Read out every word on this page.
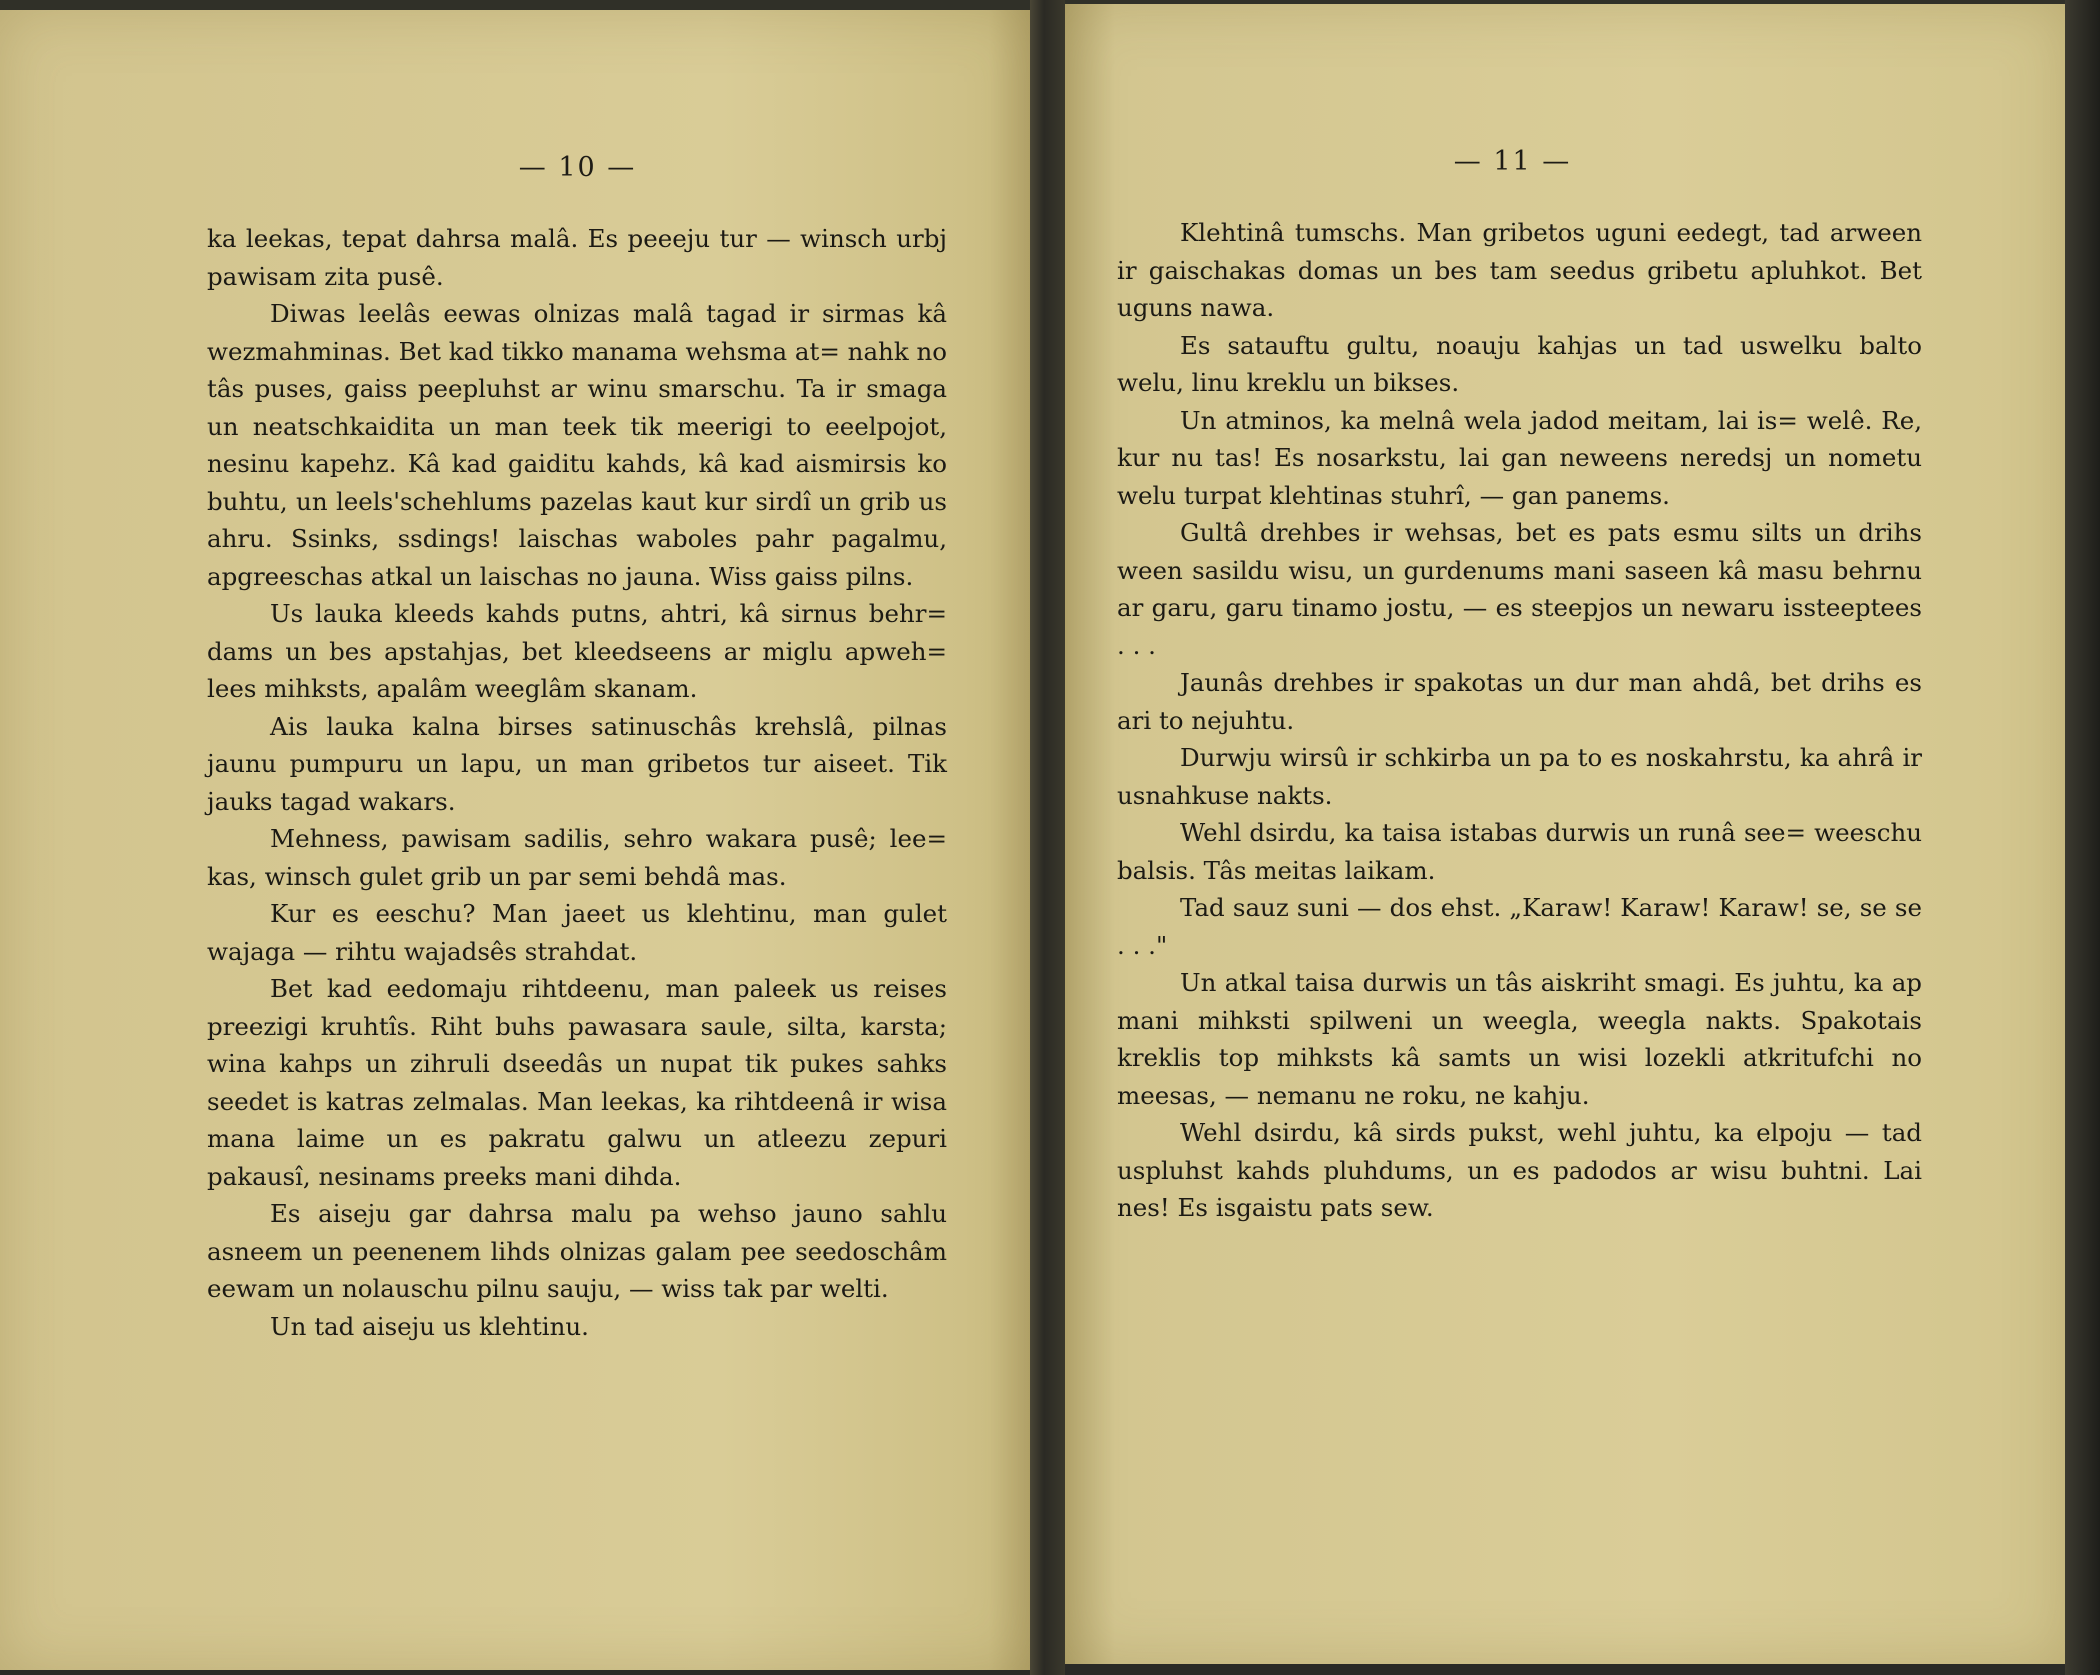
— 10 —

ka leekas, tepat dahrsa malâ. Es peeeju tur — winsch urbj pawisam zita pusê.

Diwas leelâs eewas olnizas malâ tagad ir sirmas kâ wezmahminas. Bet kad tikko manama wehsma at= nahk no tâs puses, gaiss peepluhst ar winu smarschu. Ta ir smaga un neatschkaidita un man teek tik meerigi to eeelpojot, nesinu kapehz. Kâ kad gaiditu kahds, kâ kad aismirsis ko buhtu, un leels'schehlums pazelas kaut kur sirdî un grib us ahru. Ssinks, ssdings! laischas waboles pahr pagalmu, apgreeschas atkal un laischas no jauna. Wiss gaiss pilns.

Us lauka kleeds kahds putns, ahtri, kâ sirnus behr= dams un bes apstahjas, bet kleedseens ar miglu apweh= lees mihksts, apalâm weeglâm skanam.

Ais lauka kalna birses satinuschâs krehslâ, pilnas jaunu pumpuru un lapu, un man gribetos tur aiseet. Tik jauks tagad wakars.

Mehness, pawisam sadilis, sehro wakara pusê; lee= kas, winsch gulet grib un par semi behdâ mas.

Kur es eeschu? Man jaeet us klehtinu, man gulet wajaga — rihtu wajadsês strahdat.

Bet kad eedomaju rihtdeenu, man paleek us reises preezigi kruhtîs. Riht buhs pawasara saule, silta, karsta; wina kahps un zihruli dseedâs un nupat tik pukes sahks seedet is katras zelmalas. Man leekas, ka rihtdeenâ ir wisa mana laime un es pakratu galwu un atleezu zepuri pakausî, nesinams preeks mani dihda.

Es aiseju gar dahrsa malu pa wehso jauno sahlu asneem un peenenem lihds olnizas galam pee seedoschâm eewam un nolauschu pilnu sauju, — wiss tak par welti.

Un tad aiseju us klehtinu.

— 11 —

Klehtinâ tumschs. Man gribetos uguni eedegt, tad arween ir gaischakas domas un bes tam seedus gribetu apluhkot. Bet uguns nawa.

Es satauftu gultu, noauju kahjas un tad uswelku balto welu, linu kreklu un bikses.

Un atminos, ka melnâ wela jadod meitam, lai is= welê. Re, kur nu tas! Es nosarkstu, lai gan neweens neredsj un nometu welu turpat klehtinas stuhrî, — gan panems.

Gultâ drehbes ir wehsas, bet es pats esmu silts un drihs ween sasildu wisu, un gurdenums mani saseen kâ masu behrnu ar garu, garu tinamo jostu, — es steepjos un newaru issteeptees . . .

Jaunâs drehbes ir spakotas un dur man ahdâ, bet drihs es ari to nejuhtu.

Durwju wirsû ir schkirba un pa to es noskahrstu, ka ahrâ ir usnahkuse nakts.

Wehl dsirdu, ka taisa istabas durwis un runâ see= weeschu balsis. Tâs meitas laikam.

Tad sauz suni — dos ehst. „Karaw! Karaw! Karaw! se, se se . . ."

Un atkal taisa durwis un tâs aiskriht smagi. Es juhtu, ka ap mani mihksti spilweni un weegla, weegla nakts. Spakotais kreklis top mihksts kâ samts un wisi lozekli atkritufchi no meesas, — nemanu ne roku, ne kahju.

Wehl dsirdu, kâ sirds pukst, wehl juhtu, ka elpoju — tad uspluhst kahds pluhdums, un es padodos ar wisu buhtni. Lai nes! Es isgaistu pats sew.
